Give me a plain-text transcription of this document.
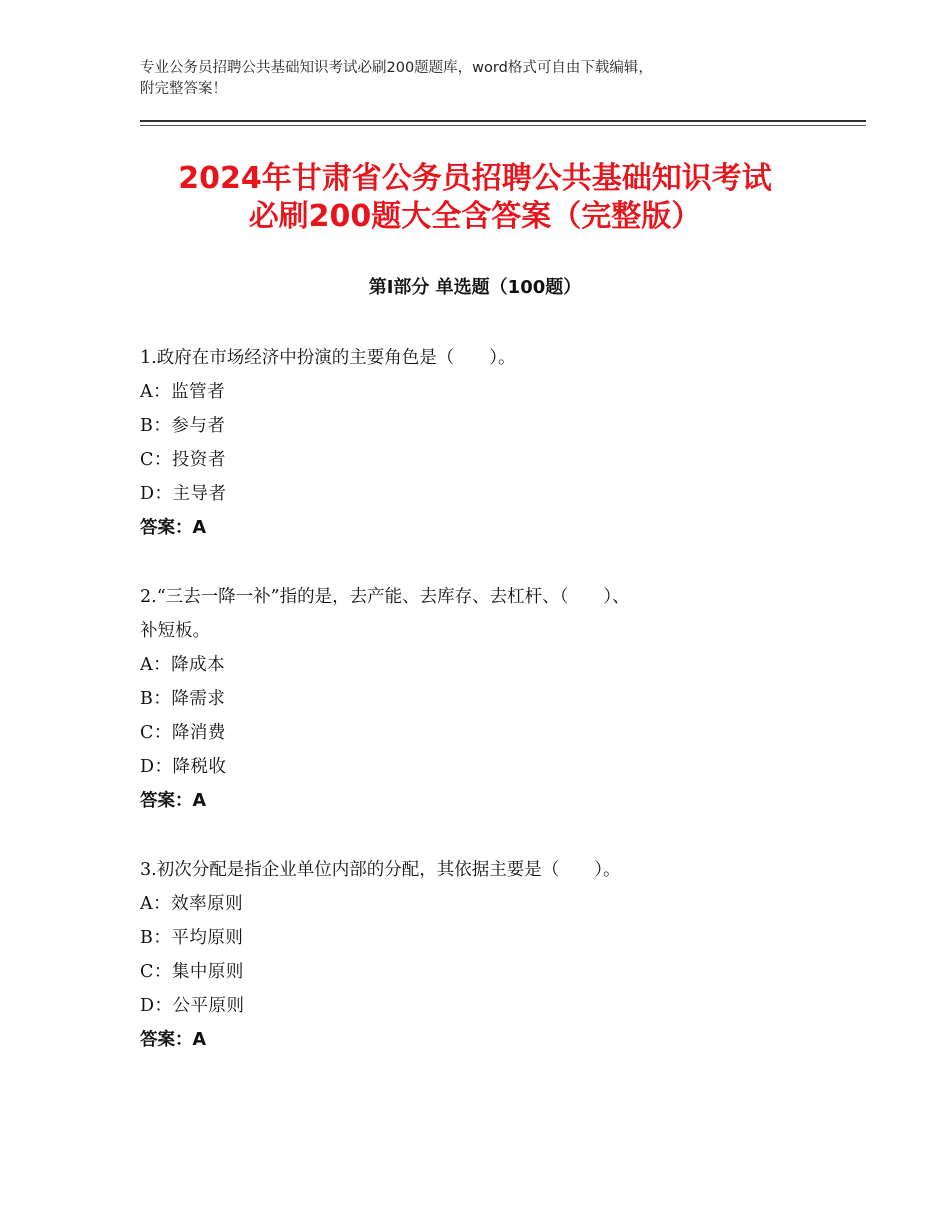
专业公务员招聘公共基础知识考试必刷200题题库，word格式可自由下载编辑，
附完整答案！
2024年甘肃省公务员招聘公共基础知识考试
必刷200题大全含答案（完整版）
第Ⅰ部分 单选题（100题）
1.政府在市场经济中扮演的主要角色是（　　）。
A：监管者
B：参与者
C：投资者
D：主导者
答案：A
2.“三去一降一补”指的是，去产能、去库存、去杠杆、（　　）、
补短板。
A：降成本
B：降需求
C：降消费
D：降税收
答案：A
3.初次分配是指企业单位内部的分配，其依据主要是（　　）。
A：效率原则
B：平均原则
C：集中原则
D：公平原则
答案：A
